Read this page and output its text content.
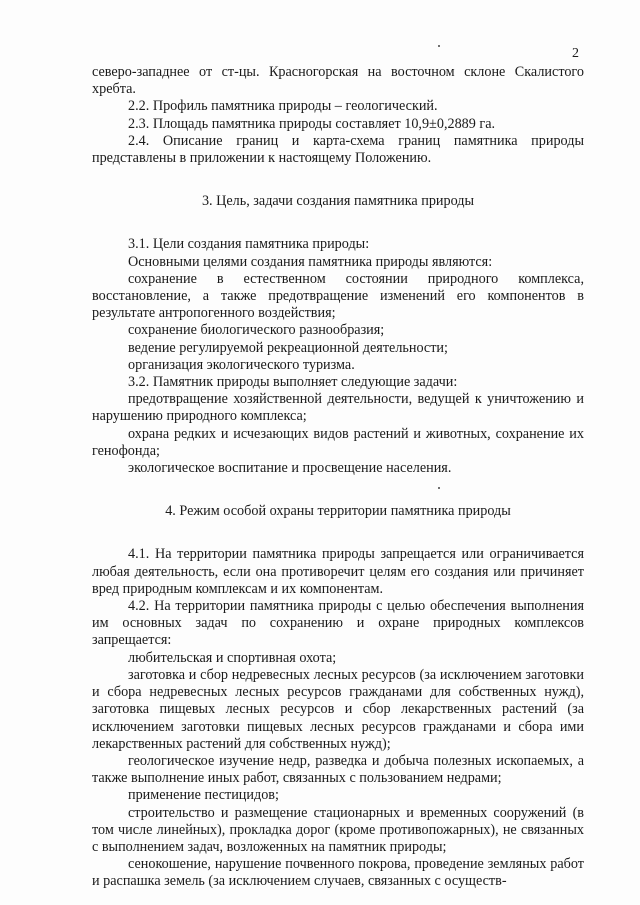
2

северо-западнее от ст-цы. Красногорская на восточном склоне Скалистого хребта.

2.2. Профиль памятника природы – геологический.

2.3. Площадь памятника природы составляет 10,9±0,2889 га.

2.4. Описание границ и карта-схема границ памятника природы представлены в приложении к настоящему Положению.

3. Цель, задачи создания памятника природы

3.1. Цели создания памятника природы:

Основными целями создания памятника природы являются:

сохранение в естественном состоянии природного комплекса, восстановление, а также предотвращение изменений его компонентов в результате антропогенного воздействия;

сохранение биологического разнообразия;

ведение регулируемой рекреационной деятельности;

организация экологического туризма.

3.2. Памятник природы выполняет следующие задачи:

предотвращение хозяйственной деятельности, ведущей к уничтожению и нарушению природного комплекса;

охрана редких и исчезающих видов растений и животных, сохранение их генофонда;

экологическое воспитание и просвещение населения.

4. Режим особой охраны территории памятника природы

4.1. На территории памятника природы запрещается или ограничивается любая деятельность, если она противоречит целям его создания или причиняет вред природным комплексам и их компонентам.

4.2. На территории памятника природы с целью обеспечения выполнения им основных задач по сохранению и охране природных комплексов запрещается:

любительская и спортивная охота;

заготовка и сбор недревесных лесных ресурсов (за исключением заготовки и сбора недревесных лесных ресурсов гражданами для собственных нужд), заготовка пищевых лесных ресурсов и сбор лекарственных растений (за исключением заготовки пищевых лесных ресурсов гражданами и сбора ими лекарственных растений для собственных нужд);

геологическое изучение недр, разведка и добыча полезных ископаемых, а также выполнение иных работ, связанных с пользованием недрами;

применение пестицидов;

строительство и размещение стационарных и временных сооружений (в том числе линейных), прокладка дорог (кроме противопожарных), не связанных с выполнением задач, возложенных на памятник природы;

сенокошение, нарушение почвенного покрова, проведение земляных работ и распашка земель (за исключением случаев, связанных с осуществ-
